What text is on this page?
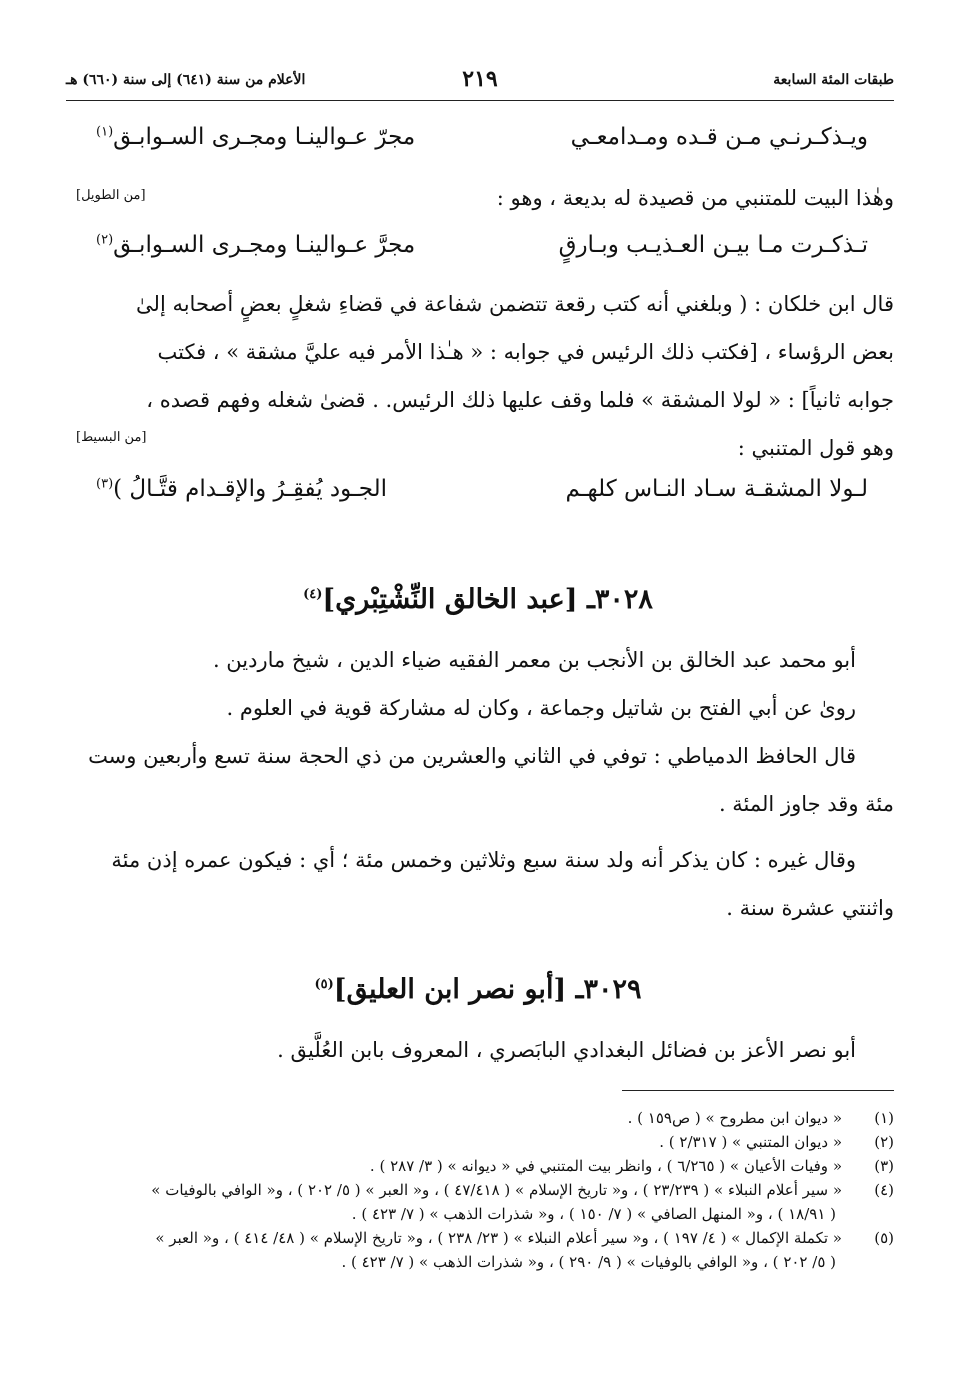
طبقات المئة السابعة
٢١٩
الأعلام من سنة (٦٤١) إلى سنة (٦٦٠) هـ
ويـذكـرنـي مـن قـده ومـدامعـي
مجرّ عـوالينـا ومجـرى السـوابـق$^{(١)}$
وهٰذا البيت للمتنبي من قصيدة له بديعة ، وهو :
[من الطويل]
تـذكـرت مـا بيـن العـذيـب وبـارقٍ
مجرَّ عـوالينـا ومجـرى السـوابـق$^{(٢)}$
قال ابن خلكان : ( وبلغني أنه كتب رقعة تتضمن شفاعة في قضاءِ شغلٍ بعضٍ أصحابه إلىٰ
بعض الرؤساء ، [فكتب ذلك الرئيس في جوابه : « هـٰذا الأمر فيه عليَّ مشقة » ، فكتب
جوابه ثانياً] : « لولا المشقة » فلما وقف عليها ذلك الرئيس. . قضىٰ شغله وفهم قصده ،
وهو قول المتنبي :
[من البسيط]
لـولا المشقـة سـاد النـاس كلهـم
الجـود يُفقِـرُ والإقـدام قتَّـالُ )$^{(٣)}$
٣٠٢٨ـ [عبد الخالق النِّشْتِبْري]$^{(٤)}$
أبو محمد عبد الخالق بن الأنجب بن معمر الفقيه ضياء الدين ، شيخ ماردين .
روىٰ عن أبي الفتح بن شاتيل وجماعة ، وكان له مشاركة قوية في العلوم .
قال الحافظ الدمياطي : توفي في الثاني والعشرين من ذي الحجة سنة تسع وأربعين وست
مئة وقد جاوز المئة .
وقال غيره : كان يذكر أنه ولد سنة سبع وثلاثين وخمس مئة ؛ أي : فيكون عمره إذن مئة
واثنتي عشرة سنة .
٣٠٢٩ـ [أبو نصر ابن العليق]$^{(٥)}$
أبو نصر الأعز بن فضائل البغدادي البابَصري ، المعروف بابن العُلَّيق .
(١)
« ديوان ابن مطروح » ( ص١٥٩ ) .
(٢)
« ديوان المتنبي » ( ٢/٣١٧ ) .
(٣)
« وفيات الأعيان » ( ٦/٢٦٥ ) ، وانظر بيت المتنبي في « ديوانه » ( ٣/ ٢٨٧ ) .
(٤)
« سير أعلام النبلاء » ( ٢٣/٢٣٩ ) ، و« تاريخ الإسلام » ( ٤٧/٤١٨ ) ، و« العبر » ( ٥/ ٢٠٢ ) ، و« الوافي بالوفيات »
( ١٨/٩١ ) ، و« المنهل الصافي » ( ٧/ ١٥٠ ) ، و« شذرات الذهب » ( ٧/ ٤٢٣ ) .
(٥)
« تكملة الإكمال » ( ٤/ ١٩٧ ) ، و« سير أعلام النبلاء » ( ٢٣/ ٢٣٨ ) ، و« تاريخ الإسلام » ( ٤٨/ ٤١٤ ) ، و« العبر »
( ٥/ ٢٠٢ ) ، و« الوافي بالوفيات » ( ٩/ ٢٩٠ ) ، و« شذرات الذهب » ( ٧/ ٤٢٣ ) .
